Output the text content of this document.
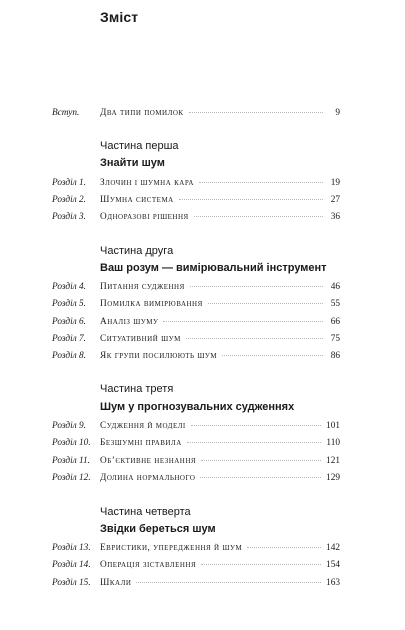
Зміст
Вступ.	Два типи помилок	9
Частина перша
Знайти шум
Розділ 1.	Злочин і шумна кара	19
Розділ 2.	Шумна система	27
Розділ 3.	Одноразові рішення	36
Частина друга
Ваш розум — вимірювальний інструмент
Розділ 4.	Питання судження	46
Розділ 5.	Помилка вимірювання	55
Розділ 6.	Аналіз шуму	66
Розділ 7.	Ситуативний шум	75
Розділ 8.	Як групи посилюють шум	86
Частина третя
Шум у прогнозувальних судженнях
Розділ 9.	Судження й моделі	101
Розділ 10.	Безшумні правила	110
Розділ 11.	Об’єктивне незнання	121
Розділ 12.	Долина нормального	129
Частина четверта
Звідки береться шум
Розділ 13.	Евристики, упередження й шум	142
Розділ 14.	Операція зіставлення	154
Розділ 15.	Шкали	163
